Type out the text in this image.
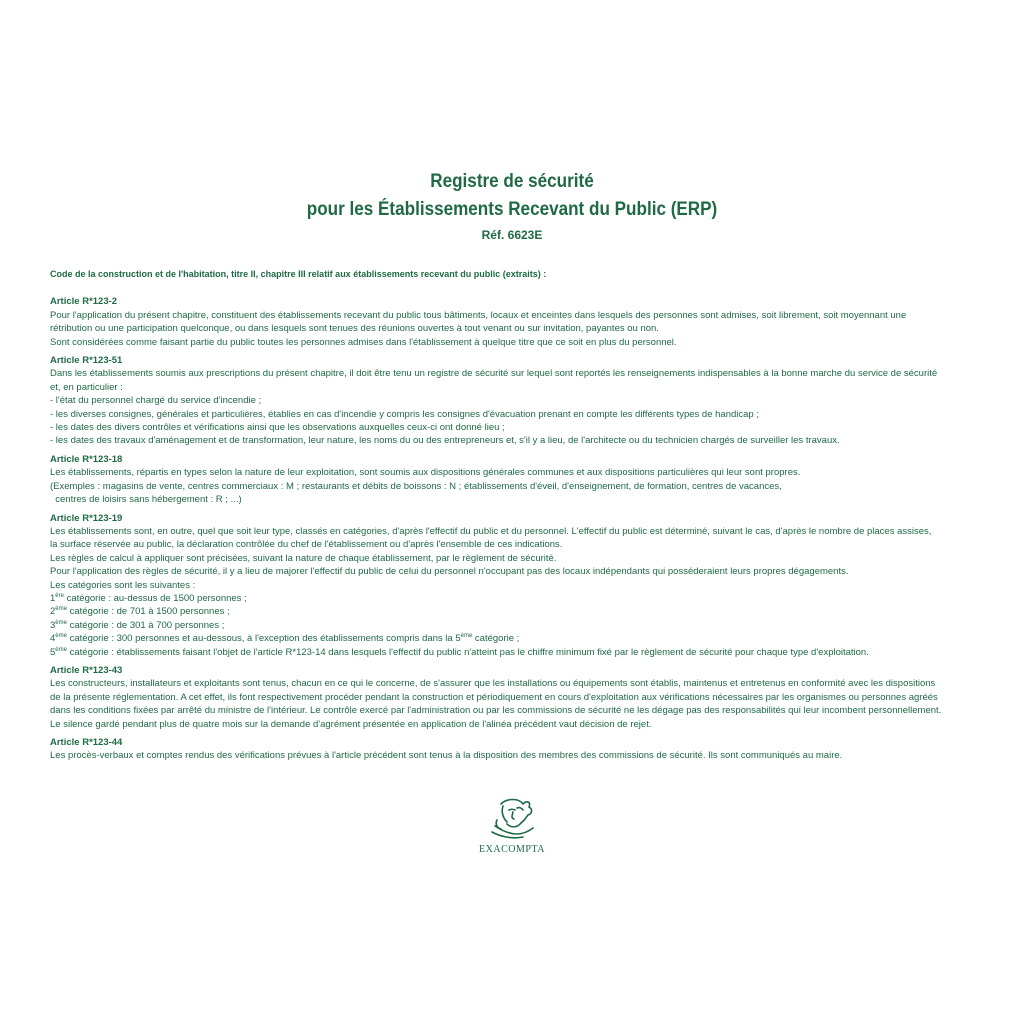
Registre de sécurité
pour les Établissements Recevant du Public (ERP)
Réf. 6623E
Code de la construction et de l'habitation, titre II, chapitre III relatif aux établissements recevant du public (extraits) :
Article R*123-2
Pour l'application du présent chapitre, constituent des établissements recevant du public tous bâtiments, locaux et enceintes dans lesquels des personnes sont admises, soit librement, soit moyennant une
rétribution ou une participation quelconque, ou dans lesquels sont tenues des réunions ouvertes à tout venant ou sur invitation, payantes ou non.
Sont considérées comme faisant partie du public toutes les personnes admises dans l'établissement à quelque titre que ce soit en plus du personnel.
Article R*123-51
Dans les établissements soumis aux prescriptions du présent chapitre, il doit être tenu un registre de sécurité sur lequel sont reportés les renseignements indispensables à la bonne marche du service de sécurité
et, en particulier :
- l'état du personnel chargé du service d'incendie ;
- les diverses consignes, générales et particulières, établies en cas d'incendie y compris les consignes d'évacuation prenant en compte les différents types de handicap ;
- les dates des divers contrôles et vérifications ainsi que les observations auxquelles ceux-ci ont donné lieu ;
- les dates des travaux d'aménagement et de transformation, leur nature, les noms du ou des entrepreneurs et, s'il y a lieu, de l'architecte ou du technicien chargés de surveiller les travaux.
Article R*123-18
Les établissements, répartis en types selon la nature de leur exploitation, sont soumis aux dispositions générales communes et aux dispositions particulières qui leur sont propres.
(Exemples : magasins de vente, centres commerciaux : M ; restaurants et débits de boissons : N ; établissements d'éveil, d'enseignement, de formation, centres de vacances,
centres de loisirs sans hébergement : R ; ...)
Article R*123-19
Les établissements sont, en outre, quel que soit leur type, classés en catégories, d'après l'effectif du public et du personnel. L'effectif du public est déterminé, suivant le cas, d'après le nombre de places assises,
la surface réservée au public, la déclaration contrôlée du chef de l'établissement ou d'après l'ensemble de ces indications.
Les règles de calcul à appliquer sont précisées, suivant la nature de chaque établissement, par le règlement de sécurité.
Pour l'application des règles de sécurité, il y a lieu de majorer l'effectif du public de celui du personnel n'occupant pas des locaux indépendants qui posséderaient leurs propres dégagements.
Les catégories sont les suivantes :
1ère catégorie : au-dessus de 1500 personnes ;
2ème catégorie : de 701 à 1500 personnes ;
3ème catégorie : de 301 à 700 personnes ;
4ème catégorie : 300 personnes et au-dessous, à l'exception des établissements compris dans la 5ème catégorie ;
5ème catégorie : établissements faisant l'objet de l'article R*123-14 dans lesquels l'effectif du public n'atteint pas le chiffre minimum fixé par le règlement de sécurité pour chaque type d'exploitation.
Article R*123-43
Les constructeurs, installateurs et exploitants sont tenus, chacun en ce qui le concerne, de s'assurer que les installations ou équipements sont établis, maintenus et entretenus en conformité avec les dispositions
de la présente réglementation. A cet effet, ils font respectivement procéder pendant la construction et périodiquement en cours d'exploitation aux vérifications nécessaires par les organismes ou personnes agréés
dans les conditions fixées par arrêté du ministre de l'intérieur. Le contrôle exercé par l'administration ou par les commissions de sécurité ne les dégage pas des responsabilités qui leur incombent personnellement.
Le silence gardé pendant plus de quatre mois sur la demande d'agrément présentée en application de l'alinéa précédent vaut décision de rejet.
Article R*123-44
Les procès-verbaux et comptes rendus des vérifications prévues à l'article précédent sont tenus à la disposition des membres des commissions de sécurité. Ils sont communiqués au maire.
EXACOMPTA
